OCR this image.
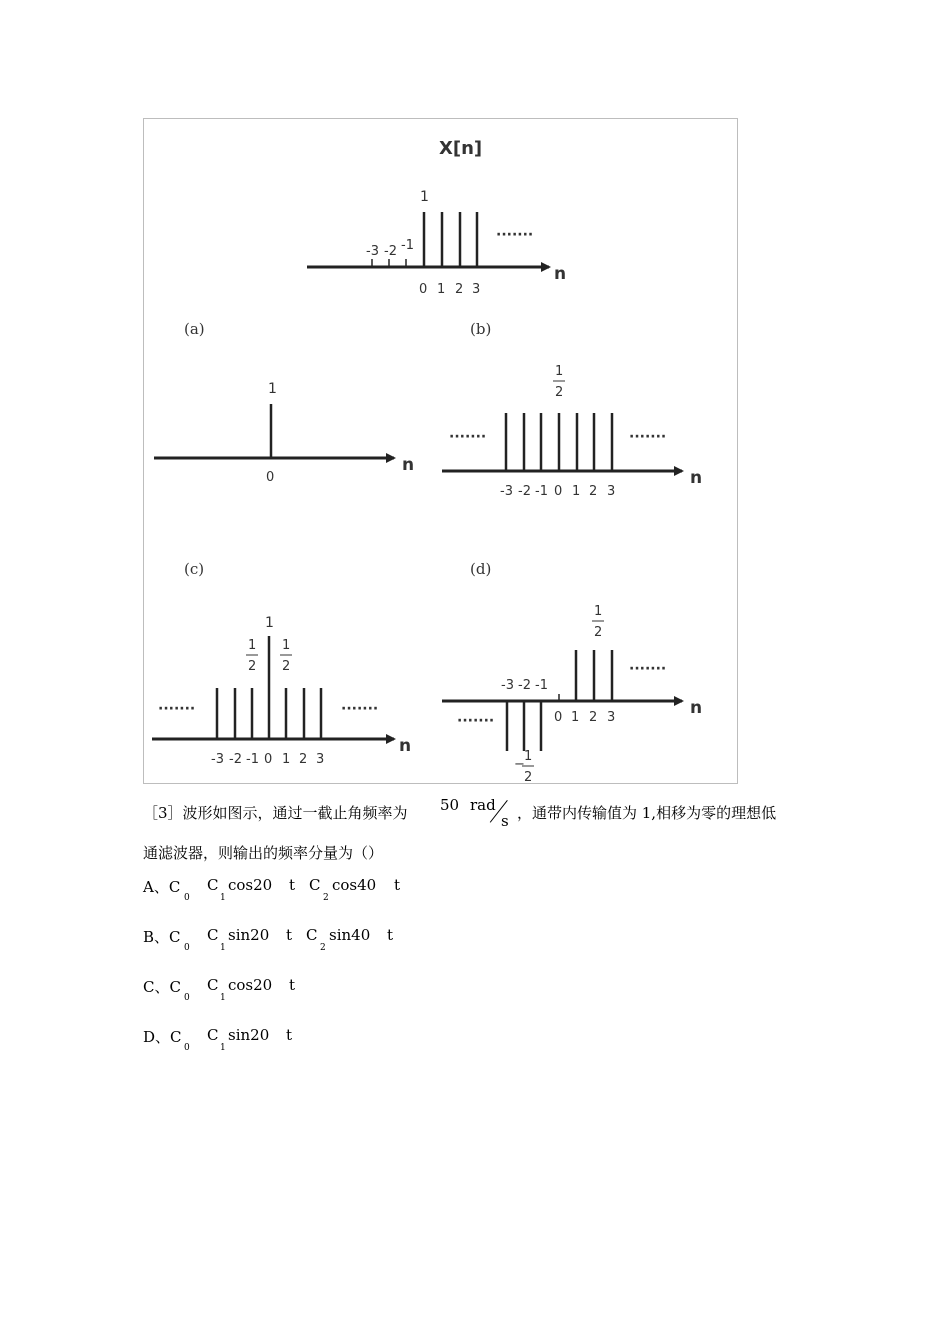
X[n]
1
-3 -2 -1
0 1 2 3
·······
n
(a)	(b)
1
0
n
1
2
-3 -2 -1 0 1 2 3
·······	·······
n
(c)	(d)
1
1
2
1
2
-3 -2 -1 0 1 2 3
·······	·······
n
1
2
−
1
2
-3 -2 -1
0 1 2 3
·······
·······
n
［3］波形如图示，通过一截止角频率为 50 rad
s ，通带内传输值为 1,相移为零的理想低
通滤波器，则输出的频率分量为（）
A、C
0
C
1
cos20 t C
2
cos40 t
B、C
0
C
1
sin20 t C
2
sin40 t
C、C
0
C
1
cos20 t
D、C
0
C
1
sin20 t
